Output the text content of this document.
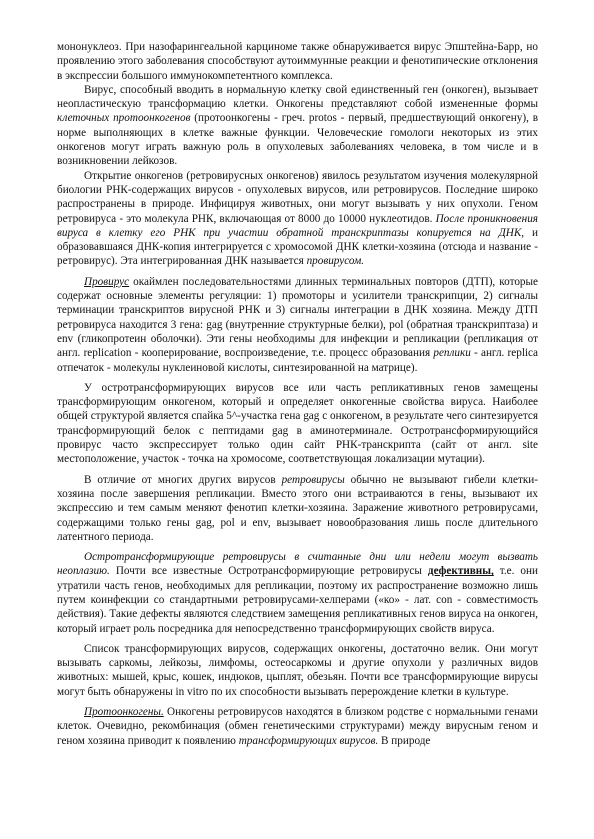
мононуклеоз. При назофарингеальной карциноме также обнаруживается вирус Эпштейна-Барр, но проявлению этого заболевания способствуют аутоиммунные реакции и фенотипические отклонения в экспрессии большого иммунокомпетентного комплекса.

Вирус, способный вводить в нормальную клетку свой единственный ген (онкоген), вызывает неопластическую трансформацию клетки. Онкогены представляют собой измененные формы клеточных протоонкогенов (протоонкогены - греч. protos - первый, предшествующий онкогену), в норме выполняющих в клетке важные функции. Человеческие гомологи некоторых из этих онкогенов могут играть важную роль в опухолевых заболеваниях человека, в том числе и в возникновении лейкозов.

Открытие онкогенов (ретровирусных онкогенов) явилось результатом изучения молекулярной биологии РНК-содержащих вирусов - опухолевых вирусов, или ретровирусов. Последние широко распространены в природе. Инфицируя животных, они могут вызывать у них опухоли. Геном ретровируса - это молекула РНК, включающая от 8000 до 10000 нуклеотидов. После проникновения вируса в клетку его РНК при участии обратной транскриптазы копируется на ДНК, и образовавшаяся ДНК-копия интегрируется с хромосомой ДНК клетки-хозяина (отсюда и название - ретровирус). Эта интегрированная ДНК называется провирусом.

Провирус окаймлен последовательностями длинных терминальных повторов (ДТП), которые содержат основные элементы регуляции: 1) промоторы и усилители транскрипции, 2) сигналы терминации транскриптов вирусной РНК и 3) сигналы интеграции в ДНК хозяина. Между ДТП ретровируса находится 3 гена: gag (внутренние структурные белки), pol (обратная транскриптаза) и env (гликопротеин оболочки). Эти гены необходимы для инфекции и репликации (репликация от англ. replication - кооперирование, воспроизведение, т.е. процесс образования реплики - англ. replica отпечаток - молекулы нуклеиновой кислоты, синтезированной на матрице).

У остротрансформирующих вирусов все или часть репликативных генов замещены трансформирующим онкогеном, который и определяет онкогенные свойства вируса. Наиболее общей структурой является спайка 5^-участка гена gag с онкогеном, в результате чего синтезируется трансформирующий белок с пептидами gag в аминотерминале. Остротрансформирующийся провирус часто экспрессирует только один сайт РНК-транскрипта (сайт от англ. site местоположение, участок - точка на хромосоме, соответствующая локализации мутации).

В отличие от многих других вирусов ретровирусы обычно не вызывают гибели клетки-хозяина после завершения репликации. Вместо этого они встраиваются в гены, вызывают их экспрессию и тем самым меняют фенотип клетки-хозяина. Заражение животного ретровирусами, содержащими только гены gag, pol и env, вызывает новообразования лишь после длительного латентного периода.

Остротрансформирующие ретровирусы в считанные дни или недели могут вызвать неоплазию. Почти все известные Остротрансформирующие ретровирусы дефективны, т.е. они утратили часть генов, необходимых для репликации, поэтому их распространение возможно лишь путем коинфекции со стандартными ретровирусами-хелперами («ко» - лат. con - совместимость действия). Такие дефекты являются следствием замещения репликативных генов вируса на онкоген, который играет роль посредника для непосредственно трансформирующих свойств вируса.

Список трансформирующих вирусов, содержащих онкогены, достаточно велик. Они могут вызывать саркомы, лейкозы, лимфомы, остеосаркомы и другие опухоли у различных видов животных: мышей, крыс, кошек, индюков, цыплят, обезьян. Почти все трансформирующие вирусы могут быть обнаружены in vitro по их способности вызывать перерождение клетки в культуре.

Протоонкогены. Онкогены ретровирусов находятся в близком родстве с нормальными генами клеток. Очевидно, рекомбинация (обмен генетическими структурами) между вирусным геном и геном хозяина приводит к появлению трансформирующих вирусов. В природе
